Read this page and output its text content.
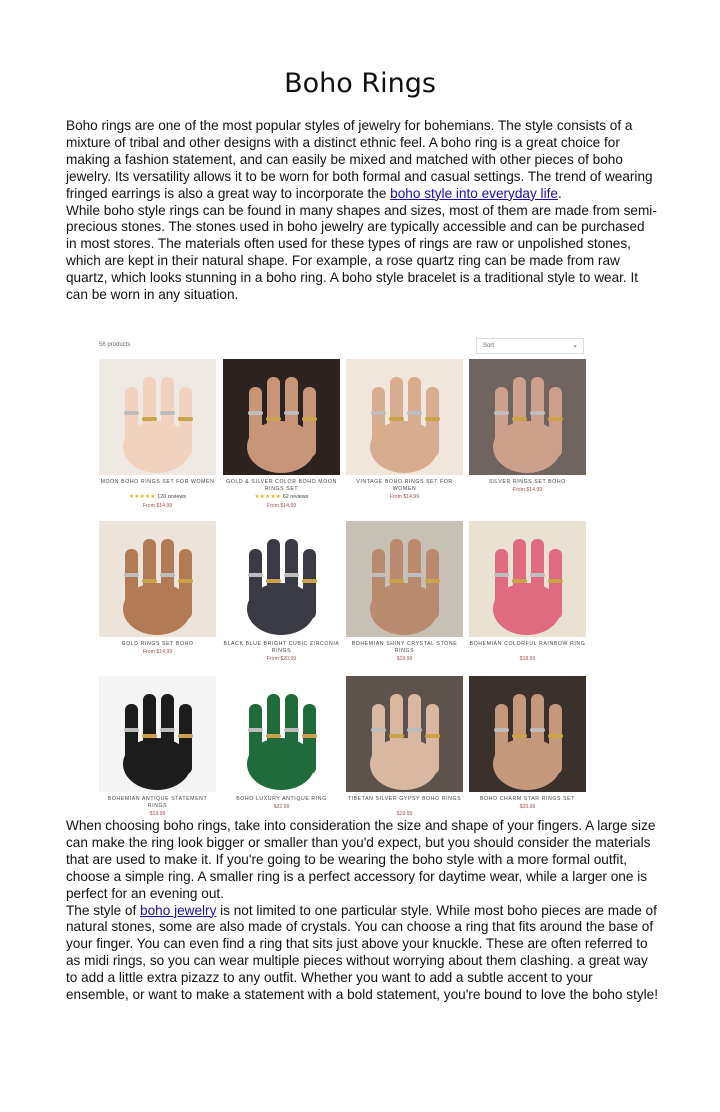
Boho Rings

Boho rings are one of the most popular styles of jewelry for bohemians. The style consists of a mixture of tribal and other designs with a distinct ethnic feel. A boho ring is a great choice for making a fashion statement, and can easily be mixed and matched with other pieces of boho jewelry. Its versatility allows it to be worn for both formal and casual settings. The trend of wearing fringed earrings is also a great way to incorporate the boho style into everyday life.
While boho style rings can be found in many shapes and sizes, most of them are made from semi-precious stones. The stones used in boho jewelry are typically accessible and can be purchased in most stores. The materials often used for these types of rings are raw or unpolished stones, which are kept in their natural shape. For example, a rose quartz ring can be made from raw quartz, which looks stunning in a boho ring. A boho style bracelet is a traditional style to wear. It can be worn in any situation.

56 products	Sort	⌄
MOON BOHO RINGS SET FOR WOMEN
★★★★★ 120 reviews
From $14.99
GOLD & SILVER COLOR BOHO MOON RINGS SET
★★★★★ 62 reviews
From $14.99
VINTAGE BOHO RINGS SET FOR WOMEN
From $14.99
SILVER RINGS SET BOHO
From $14.99
GOLD RINGS SET BOHO
From $14.99
BLACK BLUE BRIGHT CUBIC ZIRCONIA RINGS
From $20.99
BOHEMIAN SHINY CRYSTAL STONE RINGS
$19.99
BOHEMIAN COLORFUL RAINBOW RING
$18.99
BOHEMIAN ANTIQUE STATEMENT RINGS
$19.99
BOHO LUXURY ANTIQUE RING
$22.99
TIBETAN SILVER GYPSY BOHO RINGS
$19.99
BOHO CHARM STAR RINGS SET
$20.99

When choosing boho rings, take into consideration the size and shape of your fingers. A large size can make the ring look bigger or smaller than you'd expect, but you should consider the materials that are used to make it. If you're going to be wearing the boho style with a more formal outfit, choose a simple ring. A smaller ring is a perfect accessory for daytime wear, while a larger one is perfect for an evening out.
The style of boho jewelry is not limited to one particular style. While most boho pieces are made of natural stones, some are also made of crystals. You can choose a ring that fits around the base of your finger. You can even find a ring that sits just above your knuckle. These are often referred to as midi rings, so you can wear multiple pieces without worrying about them clashing. a great way to add a little extra pizazz to any outfit. Whether you want to add a subtle accent to your ensemble, or want to make a statement with a bold statement, you're bound to love the boho style!
